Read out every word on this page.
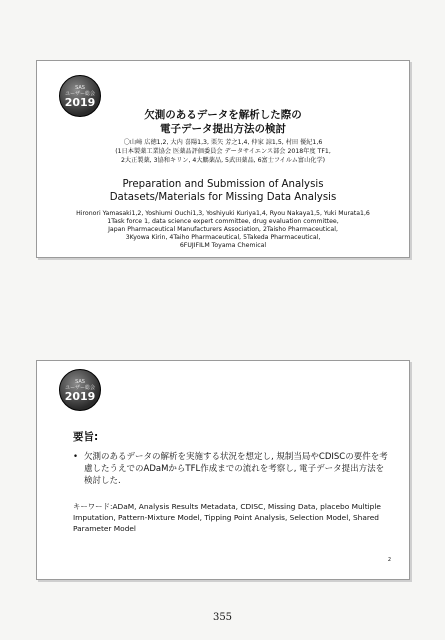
SAS
ユーザー総会
2019
欠測のあるデータを解析した際の
電子データ提出方法の検討
〇山﨑 広徳1,2, 大内 喜陽1,3, 栗矢 芳之1,4, 仲家 諒1,5, 村田 優紀1,6
(1日本製薬工業協会 医薬品評価委員会 データサイエンス部会 2018年度 TF1,
2大正製薬, 3協和キリン, 4大鵬薬品, 5武田薬品, 6富士フイルム富山化学)
Preparation and Submission of Analysis
Datasets/Materials for Missing Data Analysis
Hironori Yamasaki1,2, Yoshiumi Ouchi1,3, Yoshiyuki Kuriya1,4, Ryou Nakaya1,5, Yuki Murata1,6
1Task force 1, data science expert committee, drug evaluation committee,
Japan Pharmaceutical Manufacturers Association, 2Taisho Pharmaceutical,
3Kyowa Kirin, 4Taiho Pharmaceutical, 5Takeda Pharmaceutical,
6FUJIFILM Toyama Chemical
SAS
ユーザー総会
2019
要旨:
• 欠測のあるデータの解析を実施する状況を想定し, 規制当局やCDISCの要件を考慮したうえでのADaMからTFL作成までの流れを考察し, 電子データ提出方法を検討した.
キーワード:ADaM, Analysis Results Metadata, CDISC, Missing Data, placebo Multiple Imputation, Pattern-Mixture Model, Tipping Point Analysis, Selection Model, Shared Parameter Model
2
355
